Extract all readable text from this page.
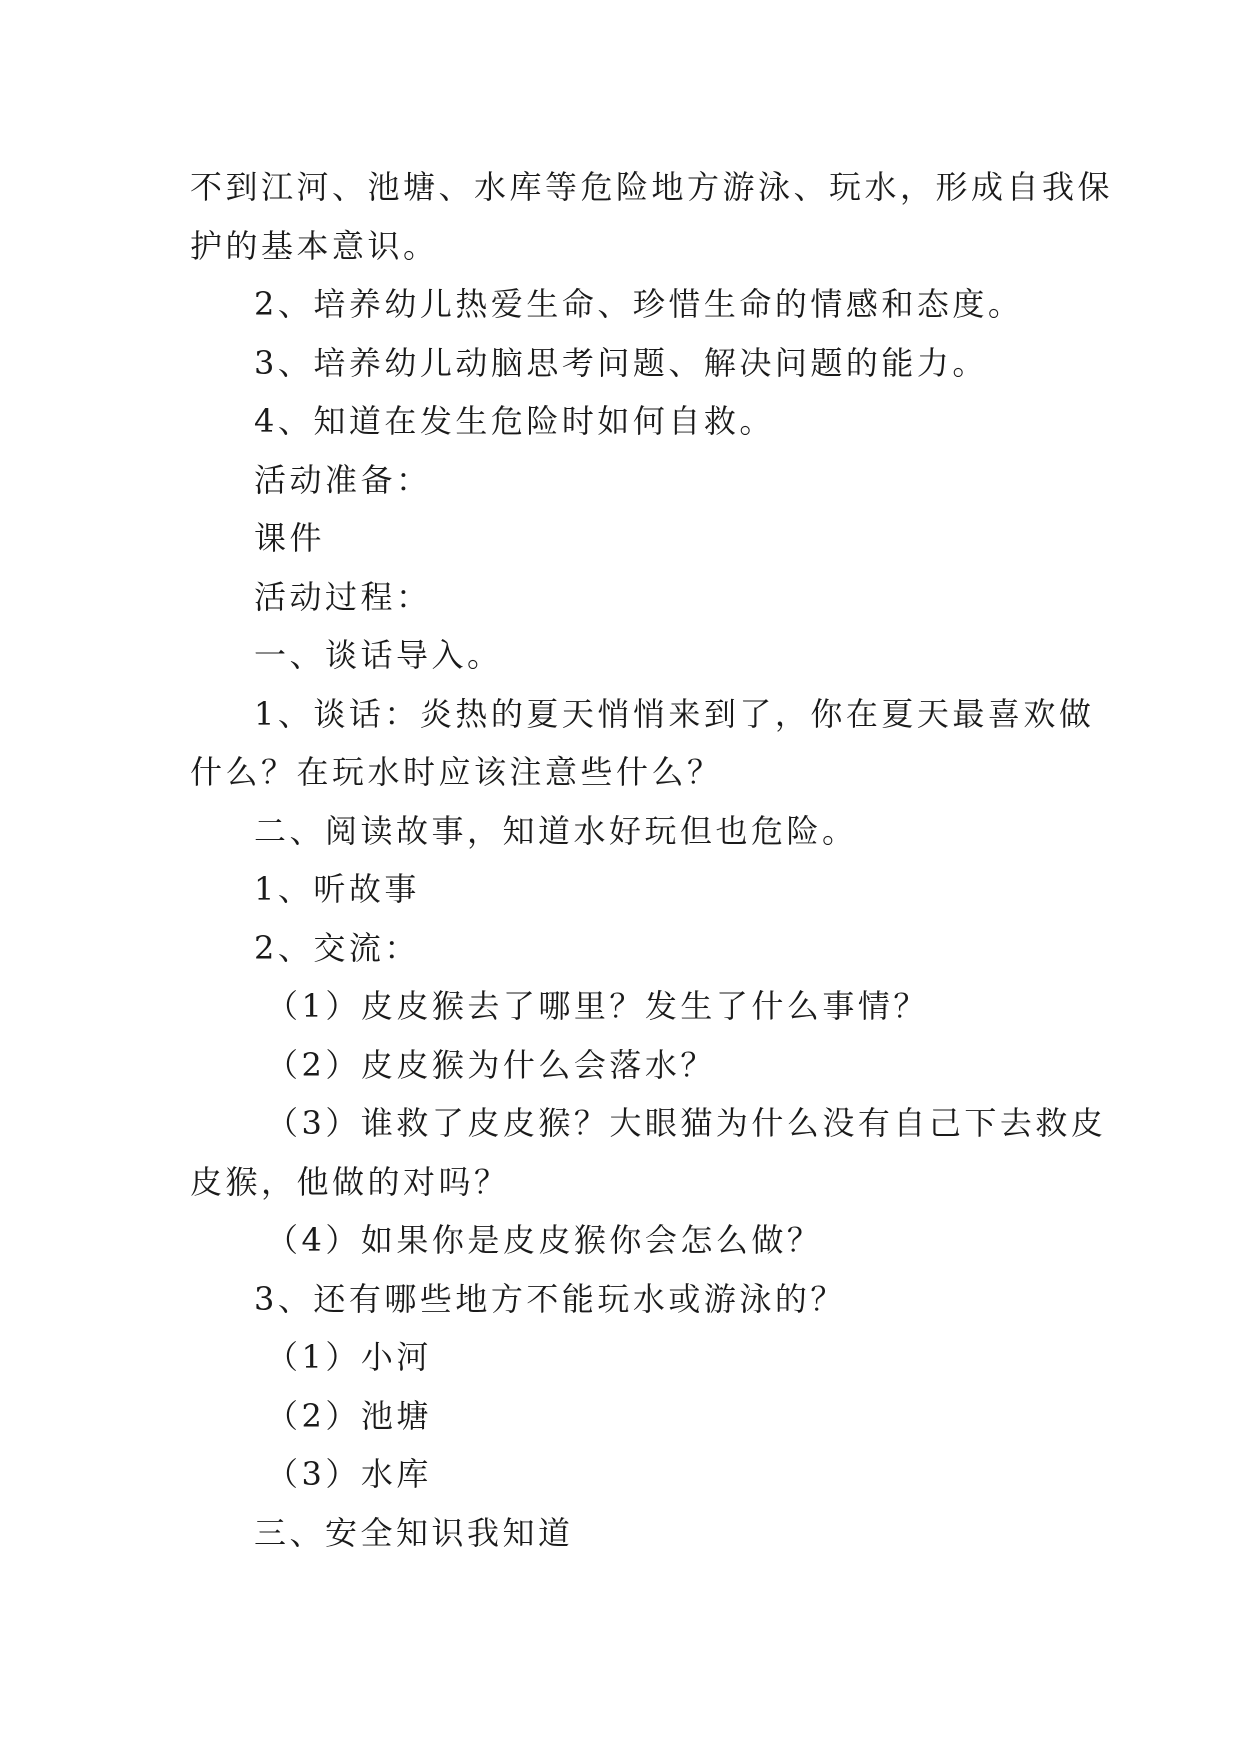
不到江河、池塘、水库等危险地方游泳、玩水，形成自我保

护的基本意识。

2、培养幼儿热爱生命、珍惜生命的情感和态度。

3、培养幼儿动脑思考问题、解决问题的能力。

4、知道在发生危险时如何自救。

活动准备：

课件

活动过程：

一、谈话导入。

1、谈话：炎热的夏天悄悄来到了，你在夏天最喜欢做

什么？在玩水时应该注意些什么？

二、阅读故事，知道水好玩但也危险。

1、听故事

2、交流：

（1）皮皮猴去了哪里？发生了什么事情？

（2）皮皮猴为什么会落水？

（3）谁救了皮皮猴？大眼猫为什么没有自己下去救皮

皮猴，他做的对吗？

（4）如果你是皮皮猴你会怎么做？

3、还有哪些地方不能玩水或游泳的？

（1）小河

（2）池塘

（3）水库

三、安全知识我知道
